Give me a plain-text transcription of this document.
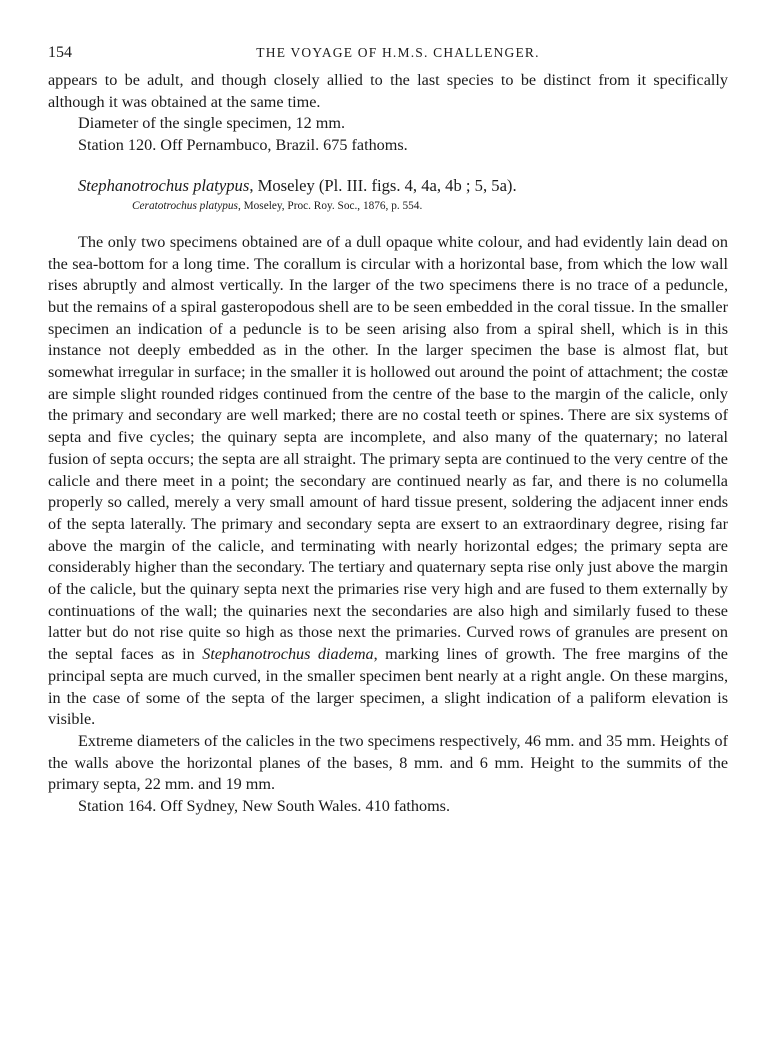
154	THE VOYAGE OF H.M.S. CHALLENGER.

appears to be adult, and though closely allied to the last species to be distinct from it specifically although it was obtained at the same time.

Diameter of the single specimen, 12 mm.

Station 120. Off Pernambuco, Brazil. 675 fathoms.

Stephanotrochus platypus, Moseley (Pl. III. figs. 4, 4a, 4b ; 5, 5a).
Ceratotrochus platypus, Moseley, Proc. Roy. Soc., 1876, p. 554.

The only two specimens obtained are of a dull opaque white colour, and had evidently lain dead on the sea-bottom for a long time. The corallum is circular with a horizontal base, from which the low wall rises abruptly and almost vertically. In the larger of the two specimens there is no trace of a peduncle, but the remains of a spiral gasteropodous shell are to be seen embedded in the coral tissue. In the smaller specimen an indication of a peduncle is to be seen arising also from a spiral shell, which is in this instance not deeply embedded as in the other. In the larger specimen the base is almost flat, but somewhat irregular in surface; in the smaller it is hollowed out around the point of attachment; the costæ are simple slight rounded ridges continued from the centre of the base to the margin of the calicle, only the primary and secondary are well marked; there are no costal teeth or spines. There are six systems of septa and five cycles; the quinary septa are incomplete, and also many of the quaternary; no lateral fusion of septa occurs; the septa are all straight. The primary septa are continued to the very centre of the calicle and there meet in a point; the secondary are continued nearly as far, and there is no columella properly so called, merely a very small amount of hard tissue present, soldering the adjacent inner ends of the septa laterally. The primary and secondary septa are exsert to an extraordinary degree, rising far above the margin of the calicle, and terminating with nearly horizontal edges; the primary septa are considerably higher than the secondary. The tertiary and quaternary septa rise only just above the margin of the calicle, but the quinary septa next the primaries rise very high and are fused to them externally by continuations of the wall; the quinaries next the secondaries are also high and similarly fused to these latter but do not rise quite so high as those next the primaries. Curved rows of granules are present on the septal faces as in Stephanotrochus diadema, marking lines of growth. The free margins of the principal septa are much curved, in the smaller specimen bent nearly at a right angle. On these margins, in the case of some of the septa of the larger specimen, a slight indication of a paliform elevation is visible.

Extreme diameters of the calicles in the two specimens respectively, 46 mm. and 35 mm. Heights of the walls above the horizontal planes of the bases, 8 mm. and 6 mm. Height to the summits of the primary septa, 22 mm. and 19 mm.

Station 164. Off Sydney, New South Wales. 410 fathoms.
